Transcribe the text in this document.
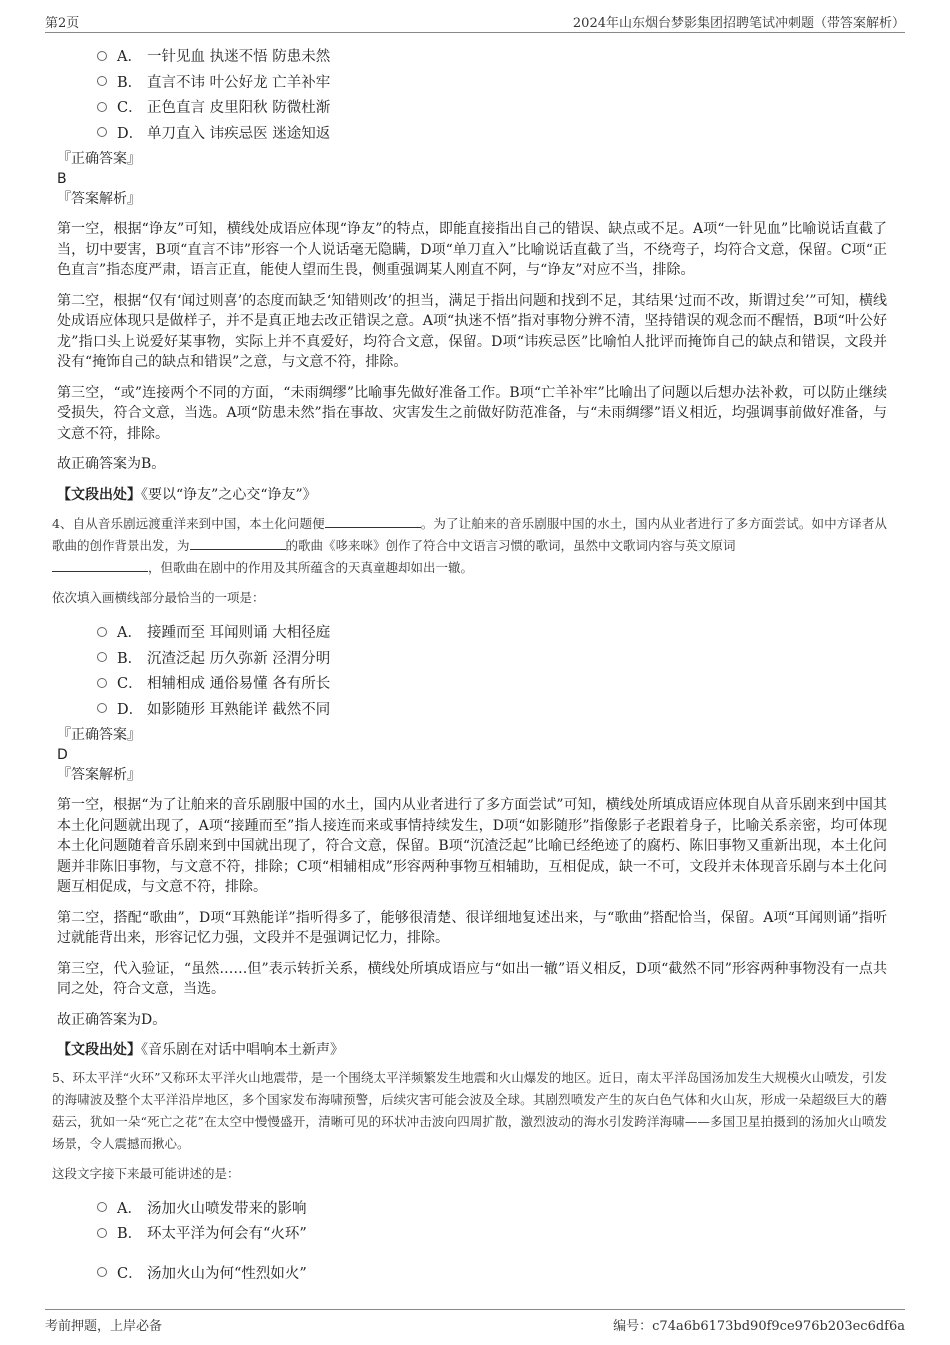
第2页	2024年山东烟台梦影集团招聘笔试冲刺题（带答案解析）
A． 一针见血 执迷不悟 防患未然
B． 直言不讳 叶公好龙 亡羊补牢
C． 正色直言 皮里阳秋 防微杜渐
D． 单刀直入 讳疾忌医 迷途知返
『正确答案』
B
『答案解析』

第一空，根据“诤友”可知，横线处成语应体现“诤友”的特点，即能直接指出自己的错误、缺点或不足。A项“一针见血”比喻说话直截了当，切中要害，B项“直言不讳”形容一个人说话毫无隐瞒，D项“单刀直入”比喻说话直截了当，不绕弯子，均符合文意，保留。C项“正色直言”指态度严肃，语言正直，能使人望而生畏，侧重强调某人刚直不阿，与“诤友”对应不当，排除。

第二空，根据“仅有‘闻过则喜’的态度而缺乏‘知错则改’的担当，满足于指出问题和找到不足，其结果‘过而不改，斯谓过矣’”可知，横线处成语应体现只是做样子，并不是真正地去改正错误之意。A项“执迷不悟”指对事物分辨不清，坚持错误的观念而不醒悟，B项“叶公好龙”指口头上说爱好某事物，实际上并不真爱好，均符合文意，保留。D项“讳疾忌医”比喻怕人批评而掩饰自己的缺点和错误，文段并没有“掩饰自己的缺点和错误”之意，与文意不符，排除。

第三空，“或”连接两个不同的方面，“未雨绸缪”比喻事先做好准备工作。B项“亡羊补牢”比喻出了问题以后想办法补救，可以防止继续受损失，符合文意，当选。A项“防患未然”指在事故、灾害发生之前做好防范准备，与“未雨绸缪”语义相近，均强调事前做好准备，与文意不符，排除。

故正确答案为B。

【文段出处】《要以“诤友”之心交“诤友”》

4、自从音乐剧远渡重洋来到中国，本土化问题便	。为了让舶来的音乐剧服中国的水土，国内从业者进行了多方面尝试。如中方译者从歌曲的创作背景出发，为	的歌曲《哆来咪》创作了符合中文语言习惯的歌词，虽然中文歌词内容与英文原词
，但歌曲在剧中的作用及其所蕴含的天真童趣却如出一辙。

依次填入画横线部分最恰当的一项是：

A． 接踵而至 耳闻则诵 大相径庭
B． 沉渣泛起 历久弥新 泾渭分明
C． 相辅相成 通俗易懂 各有所长
D． 如影随形 耳熟能详 截然不同
『正确答案』
D
『答案解析』

第一空，根据“为了让舶来的音乐剧服中国的水土，国内从业者进行了多方面尝试”可知，横线处所填成语应体现自从音乐剧来到中国其本土化问题就出现了，A项“接踵而至”指人接连而来或事情持续发生，D项“如影随形”指像影子老跟着身子，比喻关系亲密，均可体现本土化问题随着音乐剧来到中国就出现了，符合文意，保留。B项“沉渣泛起”比喻已经绝迹了的腐朽、陈旧事物又重新出现，本土化问题并非陈旧事物，与文意不符，排除；C项“相辅相成”形容两种事物互相辅助，互相促成，缺一不可，文段并未体现音乐剧与本土化问题互相促成，与文意不符，排除。

第二空，搭配“歌曲”，D项“耳熟能详”指听得多了，能够很清楚、很详细地复述出来，与“歌曲”搭配恰当，保留。A项“耳闻则诵”指听过就能背出来，形容记忆力强，文段并不是强调记忆力，排除。

第三空，代入验证，“虽然……但”表示转折关系，横线处所填成语应与“如出一辙”语义相反，D项“截然不同”形容两种事物没有一点共同之处，符合文意，当选。

故正确答案为D。

【文段出处】《音乐剧在对话中唱响本土新声》

5、环太平洋“火环”又称环太平洋火山地震带，是一个围绕太平洋频繁发生地震和火山爆发的地区。近日，南太平洋岛国汤加发生大规模火山喷发，引发的海啸波及整个太平洋沿岸地区，多个国家发布海啸预警，后续灾害可能会波及全球。其剧烈喷发产生的灰白色气体和火山灰，形成一朵超级巨大的蘑菇云，犹如一朵“死亡之花”在太空中慢慢盛开，清晰可见的环状冲击波向四周扩散，激烈波动的海水引发跨洋海啸——多国卫星拍摄到的汤加火山喷发场景，令人震撼而揪心。

这段文字接下来最可能讲述的是：

A． 汤加火山喷发带来的影响
B． 环太平洋为何会有“火环”
C． 汤加火山为何“性烈如火”
考前押题，上岸必备	编号：c74a6b6173bd90f9ce976b203ec6df6a
